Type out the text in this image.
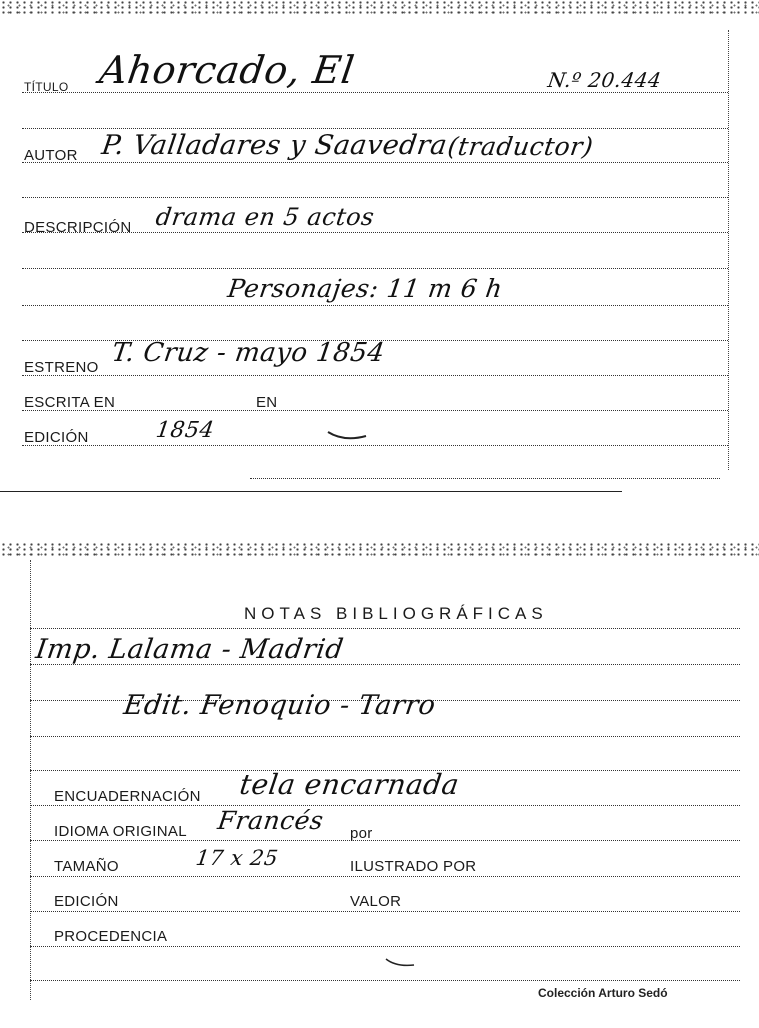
TÍTULO Ahorcado, El	N.º 20.444
AUTOR P. Valladares y Saavedra
(traductor)
DESCRIPCIÓN drama en 5 actos
Personajes: 11 m 6 h
ESTRENO T. Cruz - mayo 1854
ESCRITA EN	EN
EDICIÓN	1854
NOTAS BIBLIOGRÁFICAS
Imp. Lalama - Madrid
Edit. Fenoquio - Tarro
ENCUADERNACIÓN tela encarnada
IDIOMA ORIGINAL Francés por
TAMAÑO	17 x 25	ILUSTRADO POR
EDICIÓN	VALOR
PROCEDENCIA
Colección Arturo Sedó
